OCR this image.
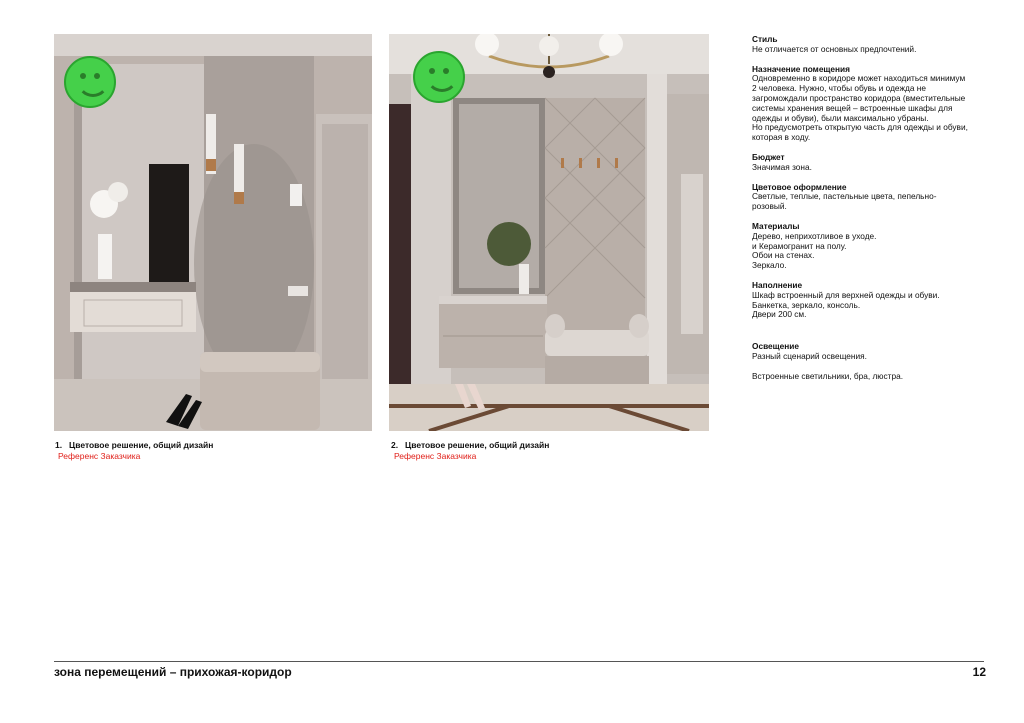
1. Цветовое решение, общий дизайн
Референс Заказчика
2. Цветовое решение, общий дизайн
Референс Заказчика
Стиль
Не отличается от основных предпочтений.
Назначение помещения
Одновременно в коридоре может находиться минимум
2 человека. Нужно, чтобы обувь и одежда не
загромождали пространство коридора (вместительные
системы хранения вещей – встроенные шкафы для
одежды и обуви), были максимально убраны.
Но предусмотреть открытую часть для одежды и обуви,
которая в ходу.
Бюджет
Значимая зона.
Цветовое оформление
Светлые, теплые, пастельные цвета, пепельно-
розовый.
Материалы
Дерево, неприхотливое в уходе.
и Керамогранит на полу.
Обои на стенах.
Зеркало.
Наполнение
Шкаф встроенный для верхней одежды и обуви.
Банкетка, зеркало, консоль.
Двери 200 см.
Освещение
Разный сценарий освещения.
Встроенные светильники, бра, люстра.
зона перемещений – прихожая-коридор	12
